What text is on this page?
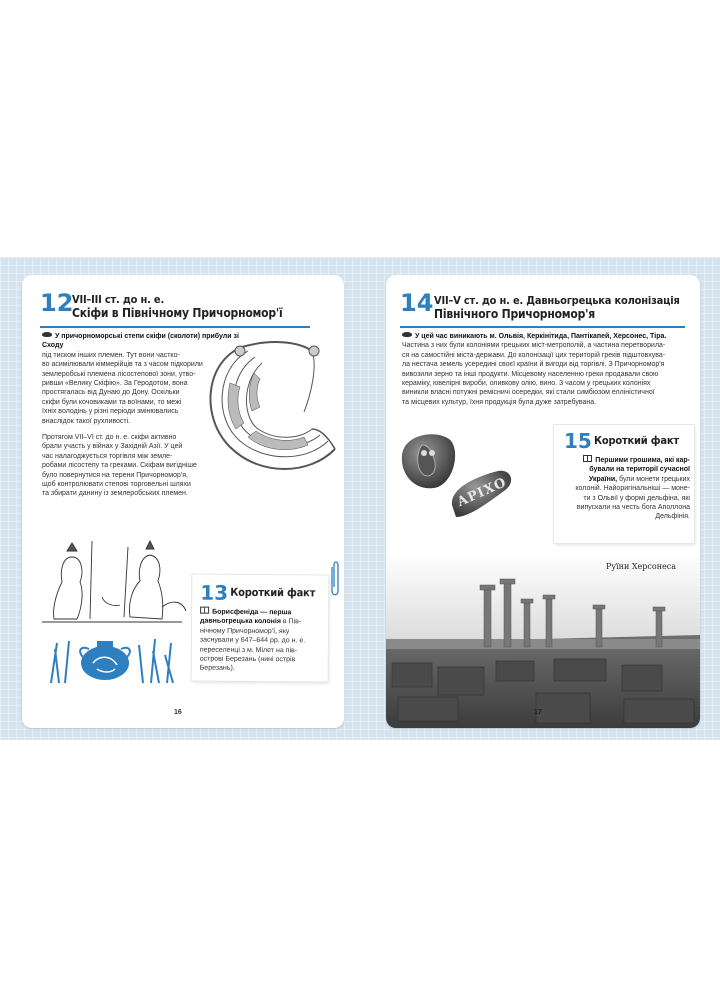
12
VII–III ст. до н. е.
Скіфи в Північному Причорномор'ї
У причорноморські степи скіфи (сколоти) прибули зі Сходу
під тиском інших племен. Тут вони частко-
во асимілювали кіммерійців та з часом підкорили
землеробські племена лісостепової зони, утво-
ривши «Велику Скіфію». За Геродотом, вона
простягалась від Дунаю до Дону. Оскільки
скіфи були кочовиками та воїнами, то межі
їхніх володінь у різні періоди змінювались
внаслідок такої рухливості.
Протягом VII–VI ст. до н. е. скіфи активно
брали участь у війнах у Західній Азії. У цей
час налагоджується торгівля між земле-
робами лісостепу та греками. Скіфам вигідніше
було повернутися на терени Причорномор'я,
щоб контролювати степові торговельні шляхи
та збирати данину із землеробських племен.
13 Короткий факт
Борисфеніда — перша давньогрецька колонія в Пів-
нічному Причорномор'ї, яку
заснували у 647–644 рр. до н. е.
переселенці з м. Мілет на пів-
острові Березань (нині острів
Березань).
16
14 VII–V ст. до н. е. Давньогрецька колонізація
Північного Причорномор'я
У цей час виникають м. Ольвія, Керкінітида, Пантікапей, Херсонес, Тіра.
Частина з них були колоніями грецьких міст-метрополій, а частина перетворила-
ся на самостійні міста-держави. До колонізації цих територій греків підштовхува-
ла нестача земель усередині своєї країни й вигоди від торгівлі. З Причорномор'я
вивозили зерно та інші продукти. Місцевому населенню греки продавали свою
кераміку, ювелірні вироби, оливкову олію, вино. З часом у грецьких колоніях
виникли власні потужні ремісничі осередки, які стали симбіозом елліністичної
та місцевих культур, їхня продукція була дуже затребувана.
ΑΡΙΧΟ
15 Короткий факт
Першими грошима, які кар-
бували на території сучасної
України, були монети грецьких
колоній. Найоригінальніші — моне-
ти з Ольвії у формі дельфіна, які
випускали на честь бога Аполлона
Дельфінія.
Руїни Херсонеса
17
